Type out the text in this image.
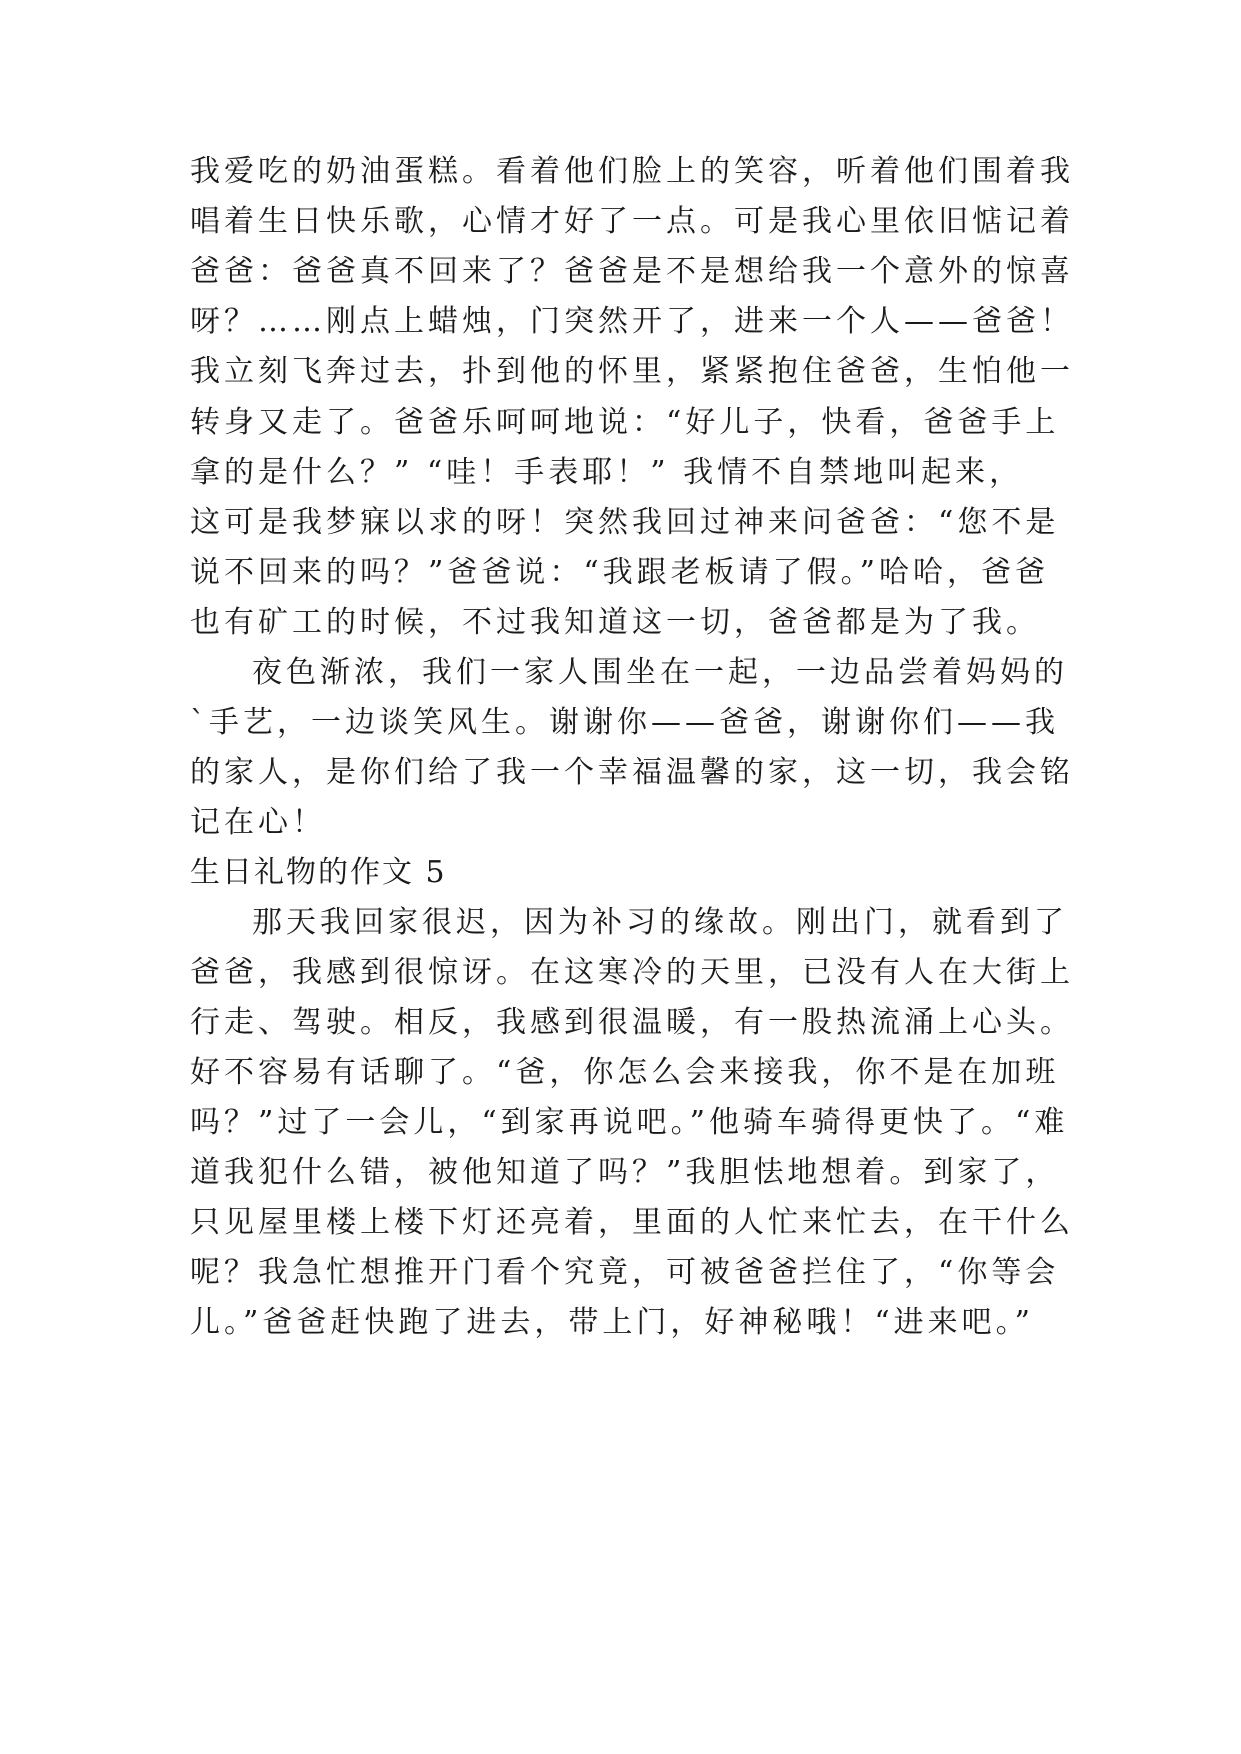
我爱吃的奶油蛋糕。看着他们脸上的笑容，听着他们围着我
唱着生日快乐歌，心情才好了一点。可是我心里依旧惦记着
爸爸：爸爸真不回来了？爸爸是不是想给我一个意外的惊喜
呀？……刚点上蜡烛，门突然开了，进来一个人——爸爸！
我立刻飞奔过去，扑到他的怀里，紧紧抱住爸爸，生怕他一
转身又走了。爸爸乐呵呵地说：“好儿子，快看，爸爸手上
拿的是什么？” “哇！手表耶！” 我情不自禁地叫起来，
这可是我梦寐以求的呀！突然我回过神来问爸爸：“您不是
说不回来的吗？”爸爸说：“我跟老板请了假。”哈哈，爸爸
也有矿工的时候，不过我知道这一切，爸爸都是为了我。
夜色渐浓，我们一家人围坐在一起，一边品尝着妈妈的
`手艺，一边谈笑风生。谢谢你——爸爸，谢谢你们——我
的家人，是你们给了我一个幸福温馨的家，这一切，我会铭
记在心！
生日礼物的作文 5
那天我回家很迟，因为补习的缘故。刚出门，就看到了
爸爸，我感到很惊讶。在这寒冷的天里，已没有人在大街上
行走、驾驶。相反，我感到很温暖，有一股热流涌上心头。
好不容易有话聊了。“爸，你怎么会来接我，你不是在加班
吗？”过了一会儿，“到家再说吧。”他骑车骑得更快了。“难
道我犯什么错，被他知道了吗？”我胆怯地想着。到家了，
只见屋里楼上楼下灯还亮着，里面的人忙来忙去，在干什么
呢？我急忙想推开门看个究竟，可被爸爸拦住了，“你等会
儿。”爸爸赶快跑了进去，带上门，好神秘哦！“进来吧。”
